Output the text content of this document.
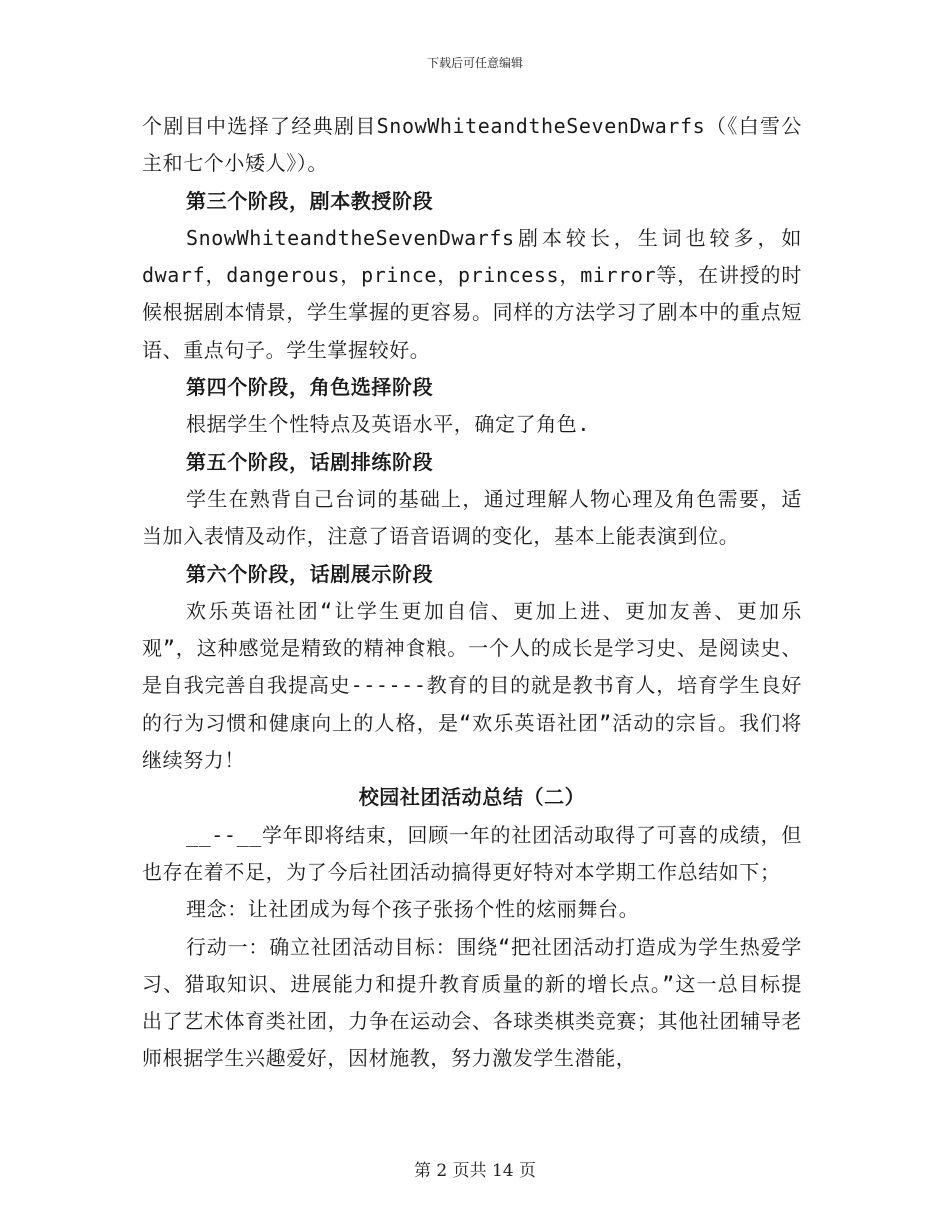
下载后可任意编辑

个剧目中选择了经典剧目SnowWhiteandtheSevenDwarfs（《白雪公主和七个小矮人》）。

第三个阶段，剧本教授阶段

SnowWhiteandtheSevenDwarfs剧本较长，生词也较多，如dwarf，dangerous，prince，princess，mirror等，在讲授的时候根据剧本情景，学生掌握的更容易。同样的方法学习了剧本中的重点短语、重点句子。学生掌握较好。

第四个阶段，角色选择阶段

根据学生个性特点及英语水平，确定了角色.

第五个阶段，话剧排练阶段

学生在熟背自己台词的基础上，通过理解人物心理及角色需要，适当加入表情及动作，注意了语音语调的变化，基本上能表演到位。

第六个阶段，话剧展示阶段

欢乐英语社团“让学生更加自信、更加上进、更加友善、更加乐观”，这种感觉是精致的精神食粮。一个人的成长是学习史、是阅读史、是自我完善自我提高史------教育的目的就是教书育人，培育学生良好的行为习惯和健康向上的人格，是“欢乐英语社团”活动的宗旨。我们将继续努力！

校园社团活动总结（二）

__--__学年即将结束，回顾一年的社团活动取得了可喜的成绩，但也存在着不足，为了今后社团活动搞得更好特对本学期工作总结如下；

理念：让社团成为每个孩子张扬个性的炫丽舞台。

行动一：确立社团活动目标：围绕“把社团活动打造成为学生热爱学习、猎取知识、进展能力和提升教育质量的新的增长点。”这一总目标提出了艺术体育类社团，力争在运动会、各球类棋类竞赛；其他社团辅导老师根据学生兴趣爱好，因材施教，努力激发学生潜能，

第 2 页共 14 页
